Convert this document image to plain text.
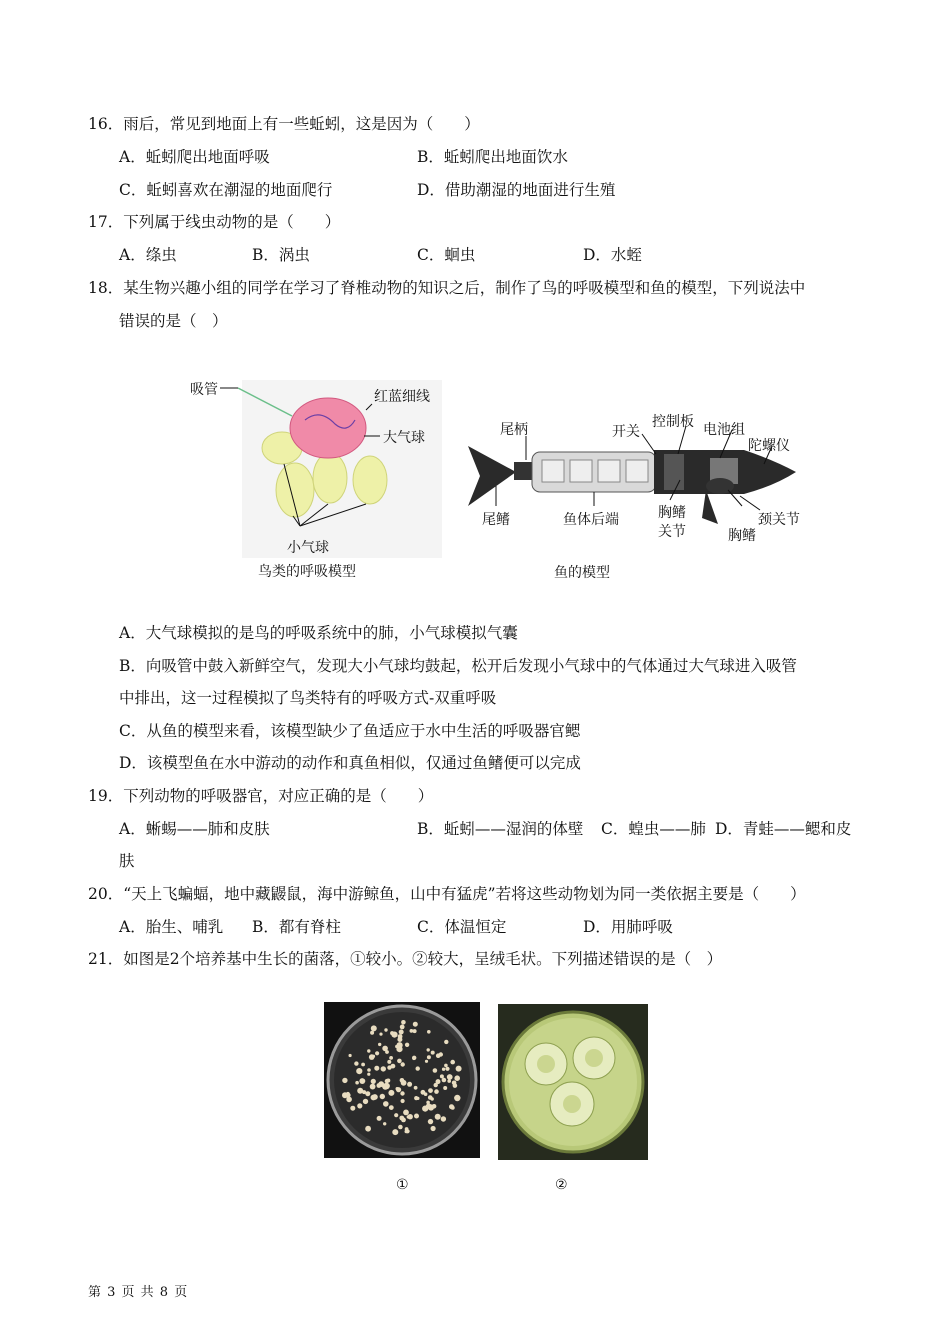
16．雨后，常见到地面上有一些蚯蚓，这是因为（　　）
A．蚯蚓爬出地面呼吸	B．蚯蚓爬出地面饮水
C．蚯蚓喜欢在潮湿的地面爬行	D．借助潮湿的地面进行生殖
17．下列属于线虫动物的是（　　）
A．绦虫	B．涡虫	C．蛔虫	D．水蛭
18．某生物兴趣小组的同学在学习了脊椎动物的知识之后，制作了鸟的呼吸模型和鱼的模型，下列说法中
错误的是（　）
吸管	红蓝细线
大气球
小气球
鸟类的呼吸模型
尾柄	开关
控制板 电池组
陀螺仪
尾鳍	鱼体后端	胸鳍
关节
颈关节
胸鳍
鱼的模型
A．大气球模拟的是鸟的呼吸系统中的肺，小气球模拟气囊
B．向吸管中鼓入新鲜空气，发现大小气球均鼓起，松开后发现小气球中的气体通过大气球进入吸管
中排出，这一过程模拟了鸟类特有的呼吸方式-双重呼吸
C．从鱼的模型来看，该模型缺少了鱼适应于水中生活的呼吸器官鳃
D．该模型鱼在水中游动的动作和真鱼相似，仅通过鱼鳍便可以完成
19．下列动物的呼吸器官，对应正确的是（　　）
A．蜥蜴——肺和皮肤	B．蚯蚓——湿润的体壁 C．蝗虫——肺 D．青蛙——鳃和皮
肤
20．“天上飞蝙蝠，地中藏鼹鼠，海中游鲸鱼，山中有猛虎”若将这些动物划为同一类依据主要是（　　）
A．胎生、哺乳 B．都有脊柱	C．体温恒定	D．用肺呼吸
21．如图是2个培养基中生长的菌落，①较小。②较大，呈绒毛状。下列描述错误的是（　）
①	②
第 3 页 共 8 页
